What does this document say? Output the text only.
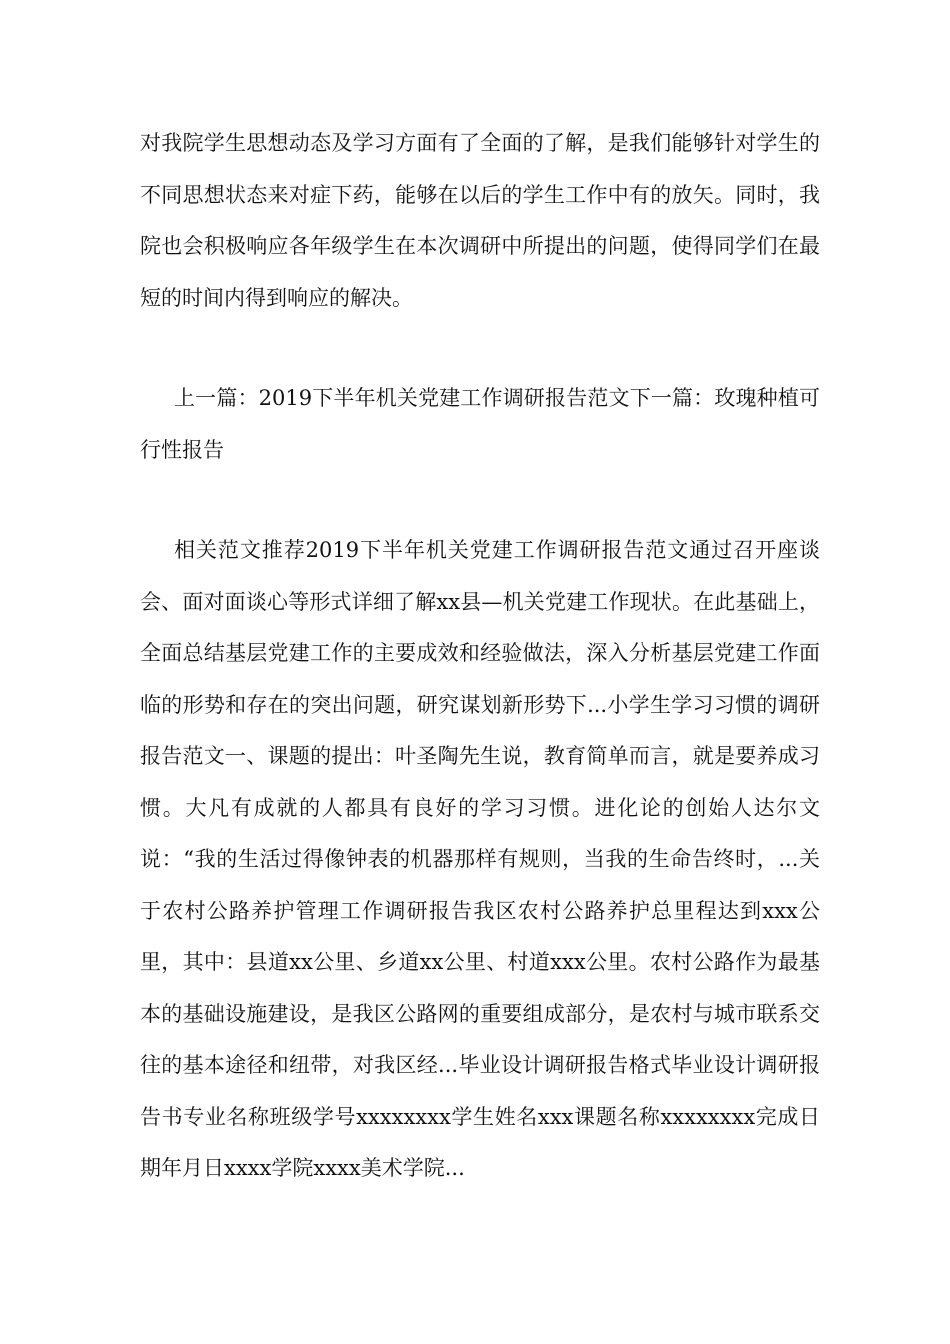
对我院学生思想动态及学习方面有了全面的了解，是我们能够针对学生的不同思想状态来对症下药，能够在以后的学生工作中有的放矢。同时，我院也会积极响应各年级学生在本次调研中所提出的问题，使得同学们在最短的时间内得到响应的解决。

上一篇：2019下半年机关党建工作调研报告范文下一篇：玫瑰种植可行性报告

相关范文推荐2019下半年机关党建工作调研报告范文通过召开座谈会、面对面谈心等形式详细了解xx县—机关党建工作现状。在此基础上，全面总结基层党建工作的主要成效和经验做法，深入分析基层党建工作面临的形势和存在的突出问题，研究谋划新形势下...小学生学习习惯的调研报告范文一、课题的提出：叶圣陶先生说，教育简单而言，就是要养成习惯。大凡有成就的人都具有良好的学习习惯。进化论的创始人达尔文说：“我的生活过得像钟表的机器那样有规则，当我的生命告终时，...关于农村公路养护管理工作调研报告我区农村公路养护总里程达到xxx公里，其中：县道xx公里、乡道xx公里、村道xxx公里。农村公路作为最基本的基础设施建设，是我区公路网的重要组成部分，是农村与城市联系交往的基本途径和纽带，对我区经...毕业设计调研报告格式毕业设计调研报告书专业名称班级学号xxxxxxxx学生姓名xxx课题名称xxxxxxxx完成日期年月日xxxx学院xxxx美术学院...
